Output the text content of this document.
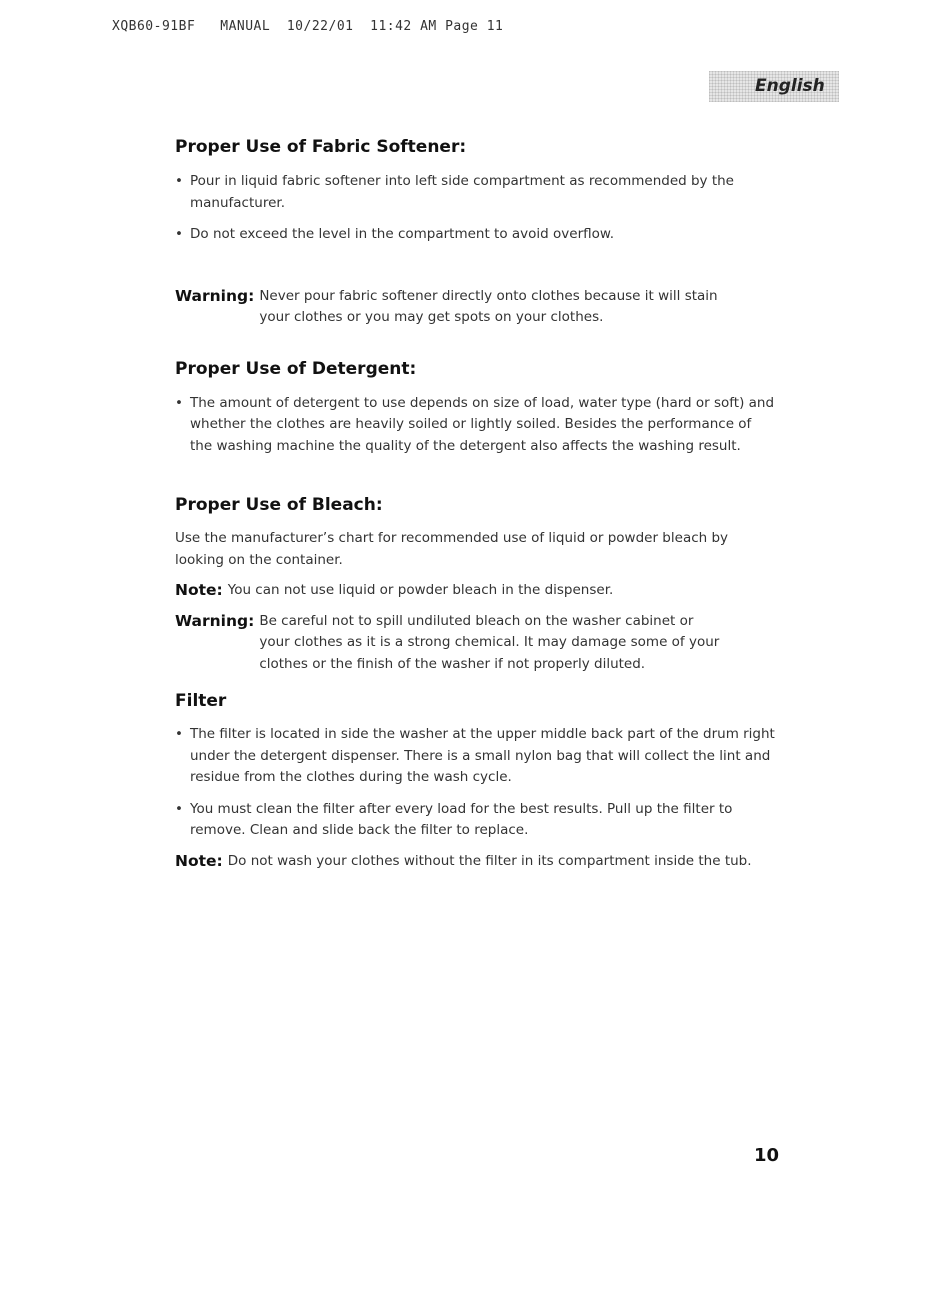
XQB60-91BF   MANUAL  10/22/01  11:42 AM Page 11
English
Proper Use of Fabric Softener:

• Pour in liquid fabric softener into left side compartment as recommended by the manufacturer.

• Do not exceed the level in the compartment to avoid overflow.

Warning: Never pour fabric softener directly onto clothes because it will stain your clothes or you may get spots on your clothes.
Proper Use of Detergent:

• The amount of detergent to use depends on size of load, water type (hard or soft) and whether the clothes are heavily soiled or lightly soiled. Besides the performance of the washing machine the quality of the detergent also affects the washing result.

Proper Use of Bleach:

Use the manufacturer’s chart for recommended use of liquid or powder bleach by looking on the container.

Note: You can not use liquid or powder bleach in the dispenser.
Warning: Be careful not to spill undiluted bleach on the washer cabinet or your clothes as it is a strong chemical. It may damage some of your clothes or the finish of the washer if not properly diluted.
Filter

• The filter is located in side the washer at the upper middle back part of the drum right under the detergent dispenser. There is a small nylon bag that will collect the lint and residue from the clothes during the wash cycle.

• You must clean the filter after every load for the best results. Pull up the filter to remove. Clean and slide back the filter to replace.

Note: Do not wash your clothes without the filter in its compartment inside the tub.
10
